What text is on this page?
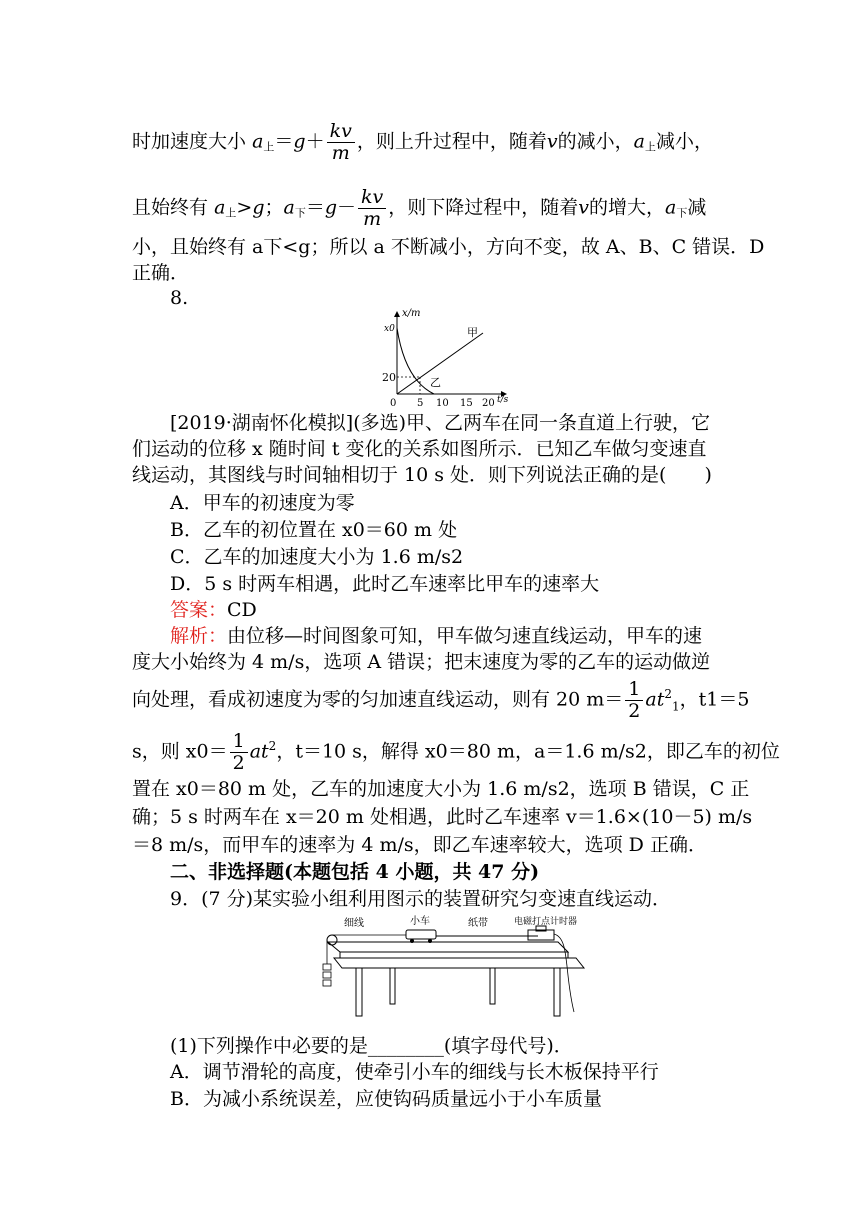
时加速度大小 a上$=g+ \frac{kv}{m}$ ，则上升过程中，随着v的减小，a上减小，
且始终有 a上>g；a下$=g- \frac{kv}{m}$ ，则下降过程中，随着v的增大，a下减
小，且始终有 a下<g；所以 a 不断减小，方向不变，故 A、B、C 错误．D
正确．
8.
x/m
x0	甲
乙
20
0 5 10 15 20 t/s
[2019·湖南怀化模拟](多选)甲、乙两车在同一条直道上行驶，它
们运动的位移 x 随时间 t 变化的关系如图所示．已知乙车做匀变速直
线运动，其图线与时间轴相切于 10 s 处．则下列说法正确的是(　　)
A．甲车的初速度为零
B．乙车的初位置在 x0＝60 m 处
C．乙车的加速度大小为 1.6 m/s2
D．5 s 时两车相遇，此时乙车速率比甲车的速率大
答案：CD
解析：由位移—时间图象可知，甲车做匀速直线运动，甲车的速
度大小始终为 4 m/s，选项 A 错误；把末速度为零的乙车的运动做逆
向处理，看成初速度为零的匀加速直线运动，则有 20 $m= \frac{1}{2} at^2_1$，t1＝5
s，则 $x0= \frac{1}{2} at^2$，t＝10 s，解得 x0＝80 m，a＝1.6 m/s2，即乙车的初位
置在 x0＝80 m 处，乙车的加速度大小为 1.6 m/s2，选项 B 错误，C 正
确；5 s 时两车在 x＝20 m 处相遇，此时乙车速率 v＝1.6×(10－5) m/s
＝8 m/s，而甲车的速率为 4 m/s，即乙车速率较大，选项 D 正确．
二、非选择题(本题包括 4 小题，共 47 分)
9．(7 分)某实验小组利用图示的装置研究匀变速直线运动．
细线	小车	纸带	电磁打点计时器
(1)下列操作中必要的是________(填字母代号)．
A．调节滑轮的高度，使牵引小车的细线与长木板保持平行
B．为减小系统误差，应使钩码质量远小于小车质量
